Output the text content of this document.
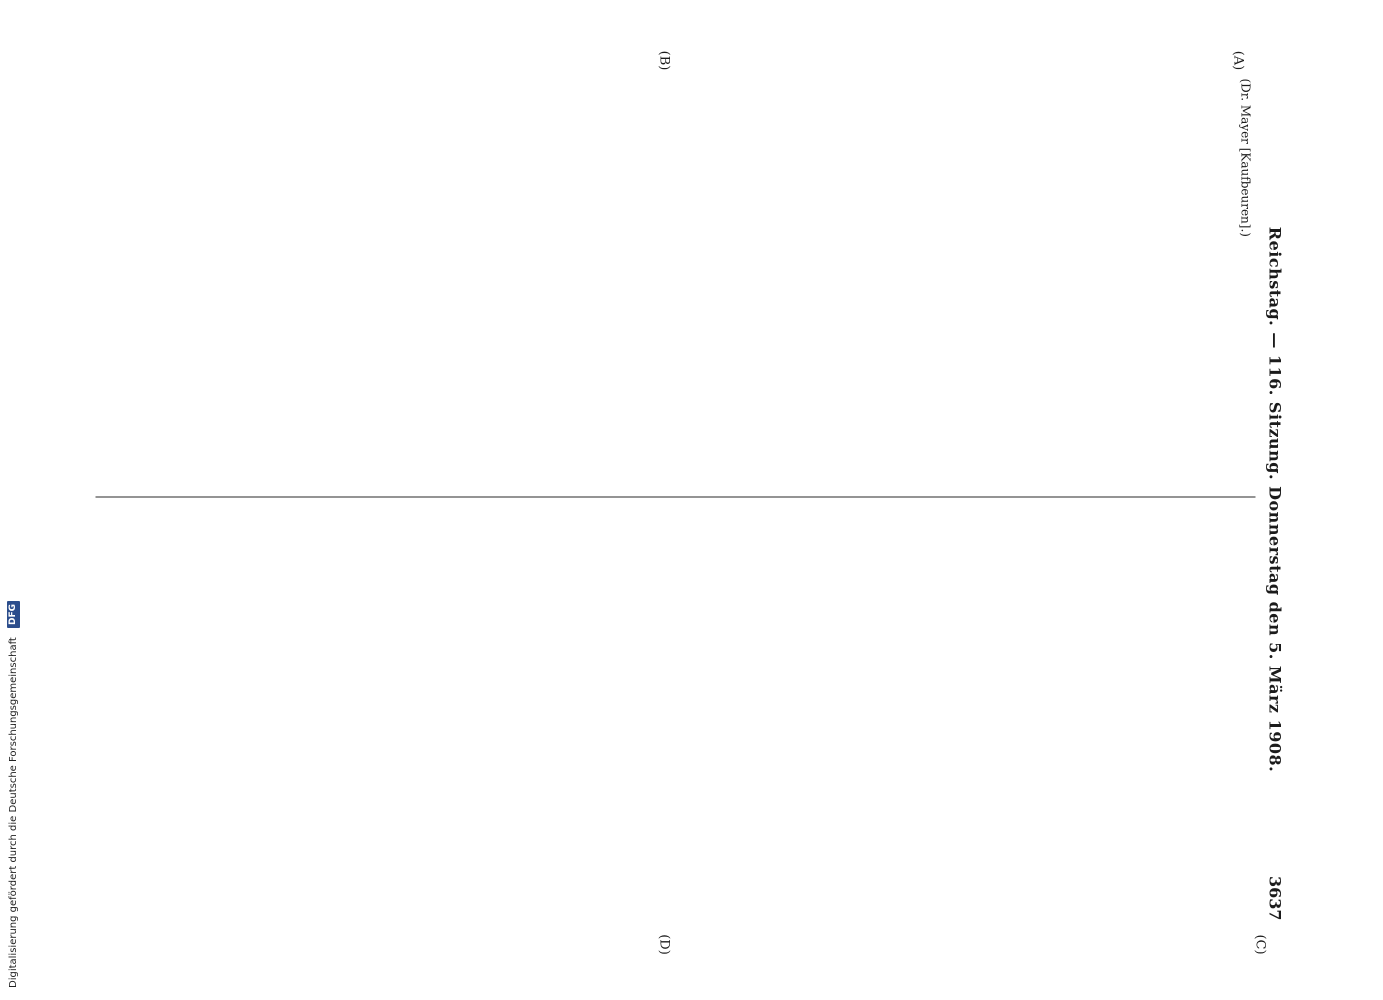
Reichstag. — 116. Sitzung. Donnerstag den 5. März 1908.
3637
(A)
(B)
(C)
(D)
(Dr. Mayer [Kaufbeuren].)

Digitalisierung gefördert durch die Deutsche Forschungsgemeinschaft DFG
